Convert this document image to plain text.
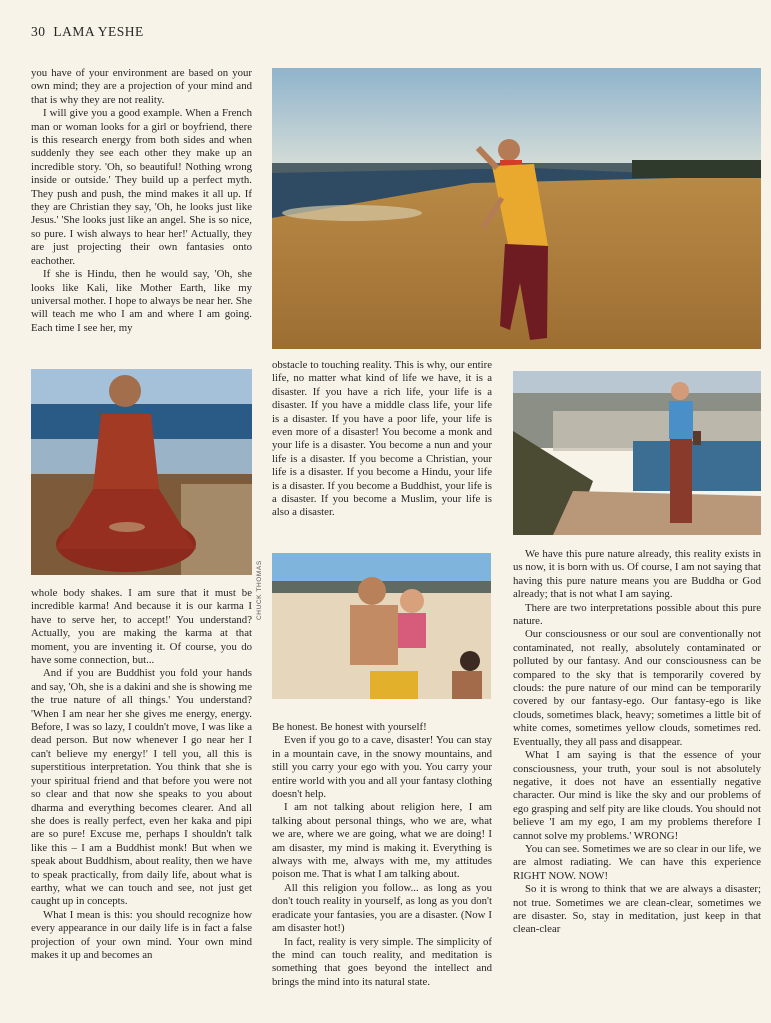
30 LAMA YESHE

you have of your environment are based on your own mind; they are a projection of your mind and that is why they are not reality.

I will give you a good example. When a French man or woman looks for a girl or boyfriend, there is this research energy from both sides and when suddenly they see each other they make up an incredible story. 'Oh, so beautiful! Nothing wrong inside or outside.' They build up a perfect myth. They push and push, the mind makes it all up. If they are Christian they say, 'Oh, he looks just like Jesus.' 'She looks just like an angel. She is so nice, so pure. I wish always to hear her!' Actually, they are just projecting their own fantasies onto eachother.

If she is Hindu, then he would say, 'Oh, she looks like Kali, like Mother Earth, like my universal mother. I hope to always be near her. She will teach me who I am and where I am going. Each time I see her, my

obstacle to touching reality. This is why, our entire life, no matter what kind of life we have, it is a disaster. If you have a rich life, your life is a disaster. If you have a middle class life, your life is a disaster. If you have a poor life, your life is even more of a disaster! You become a monk and your life is a disaster. You become a nun and your life is a disaster. If you become a Christian, your life is a disaster. If you become a Hindu, your life is a disaster. If you become a Buddhist, your life is a disaster. If you become a Muslim, your life is also a disaster.

whole body shakes. I am sure that it must be incredible karma! And because it is our karma I have to serve her, to accept!' You understand? Actually, you are making the karma at that moment, you are inventing it. Of course, you do have some connection, but...

And if you are Buddhist you fold your hands and say, 'Oh, she is a dakini and she is showing me the true nature of all things.' You understand? 'When I am near her she gives me energy, energy. Before, I was so lazy, I couldn't move, I was like a dead person. But now whenever I go near her I can't believe my energy!' I tell you, all this is superstitious interpretation. You think that she is your spiritual friend and that before you were not so clear and that now she speaks to you about dharma and everything becomes clearer. And all she does is really perfect, even her kaka and pipi are so pure! Excuse me, perhaps I shouldn't talk like this – I am a Buddhist monk! But when we speak about Buddhism, about reality, then we have to speak practically, from daily life, about what is earthy, what we can touch and see, not just get caught up in concepts.

What I mean is this: you should recognize how every appearance in our daily life is in fact a false projection of your own mind. Your own mind makes it up and becomes an

CHUCK THOMAS

Be honest. Be honest with yourself!

Even if you go to a cave, disaster! You can stay in a mountain cave, in the snowy mountains, and still you carry your ego with you. You carry your entire world with you and all your fantasy clothing doesn't help.

I am not talking about religion here, I am talking about personal things, who we are, what we are, where we are going, what we are doing! I am disaster, my mind is making it. Everything is always with me, always with me, my attitudes poison me. That is what I am talking about.

All this religion you follow... as long as you don't touch reality in yourself, as long as you don't eradicate your fantasies, you are a disaster. (Now I am disaster hot!)

In fact, reality is very simple. The simplicity of the mind can touch reality, and meditation is something that goes beyond the intellect and brings the mind into its natural state.

We have this pure nature already, this reality exists in us now, it is born with us. Of course, I am not saying that having this pure nature means you are Buddha or God already; that is not what I am saying.

There are two interpretations possible about this pure nature.

Our consciousness or our soul are conventionally not contaminated, not really, absolutely contaminated or polluted by our fantasy. And our consciousness can be compared to the sky that is temporarily covered by clouds: the pure nature of our mind can be temporarily covered by our fantasy-ego. Our fantasy-ego is like clouds, sometimes black, heavy; sometimes a little bit of white comes, sometimes yellow clouds, sometimes red. Eventually, they all pass and disappear.

What I am saying is that the essence of your consciousness, your truth, your soul is not absolutely negative, it does not have an essentially negative character. Our mind is like the sky and our problems of ego grasping and self pity are like clouds. You should not believe 'I am my ego, I am my problems therefore I cannot solve my problems.' WRONG!

You can see. Sometimes we are so clear in our life, we are almost radiating. We can have this experience RIGHT NOW. NOW!

So it is wrong to think that we are always a disaster; not true. Sometimes we are clean-clear, sometimes we are disaster. So, stay in meditation, just keep in that clean-clear
